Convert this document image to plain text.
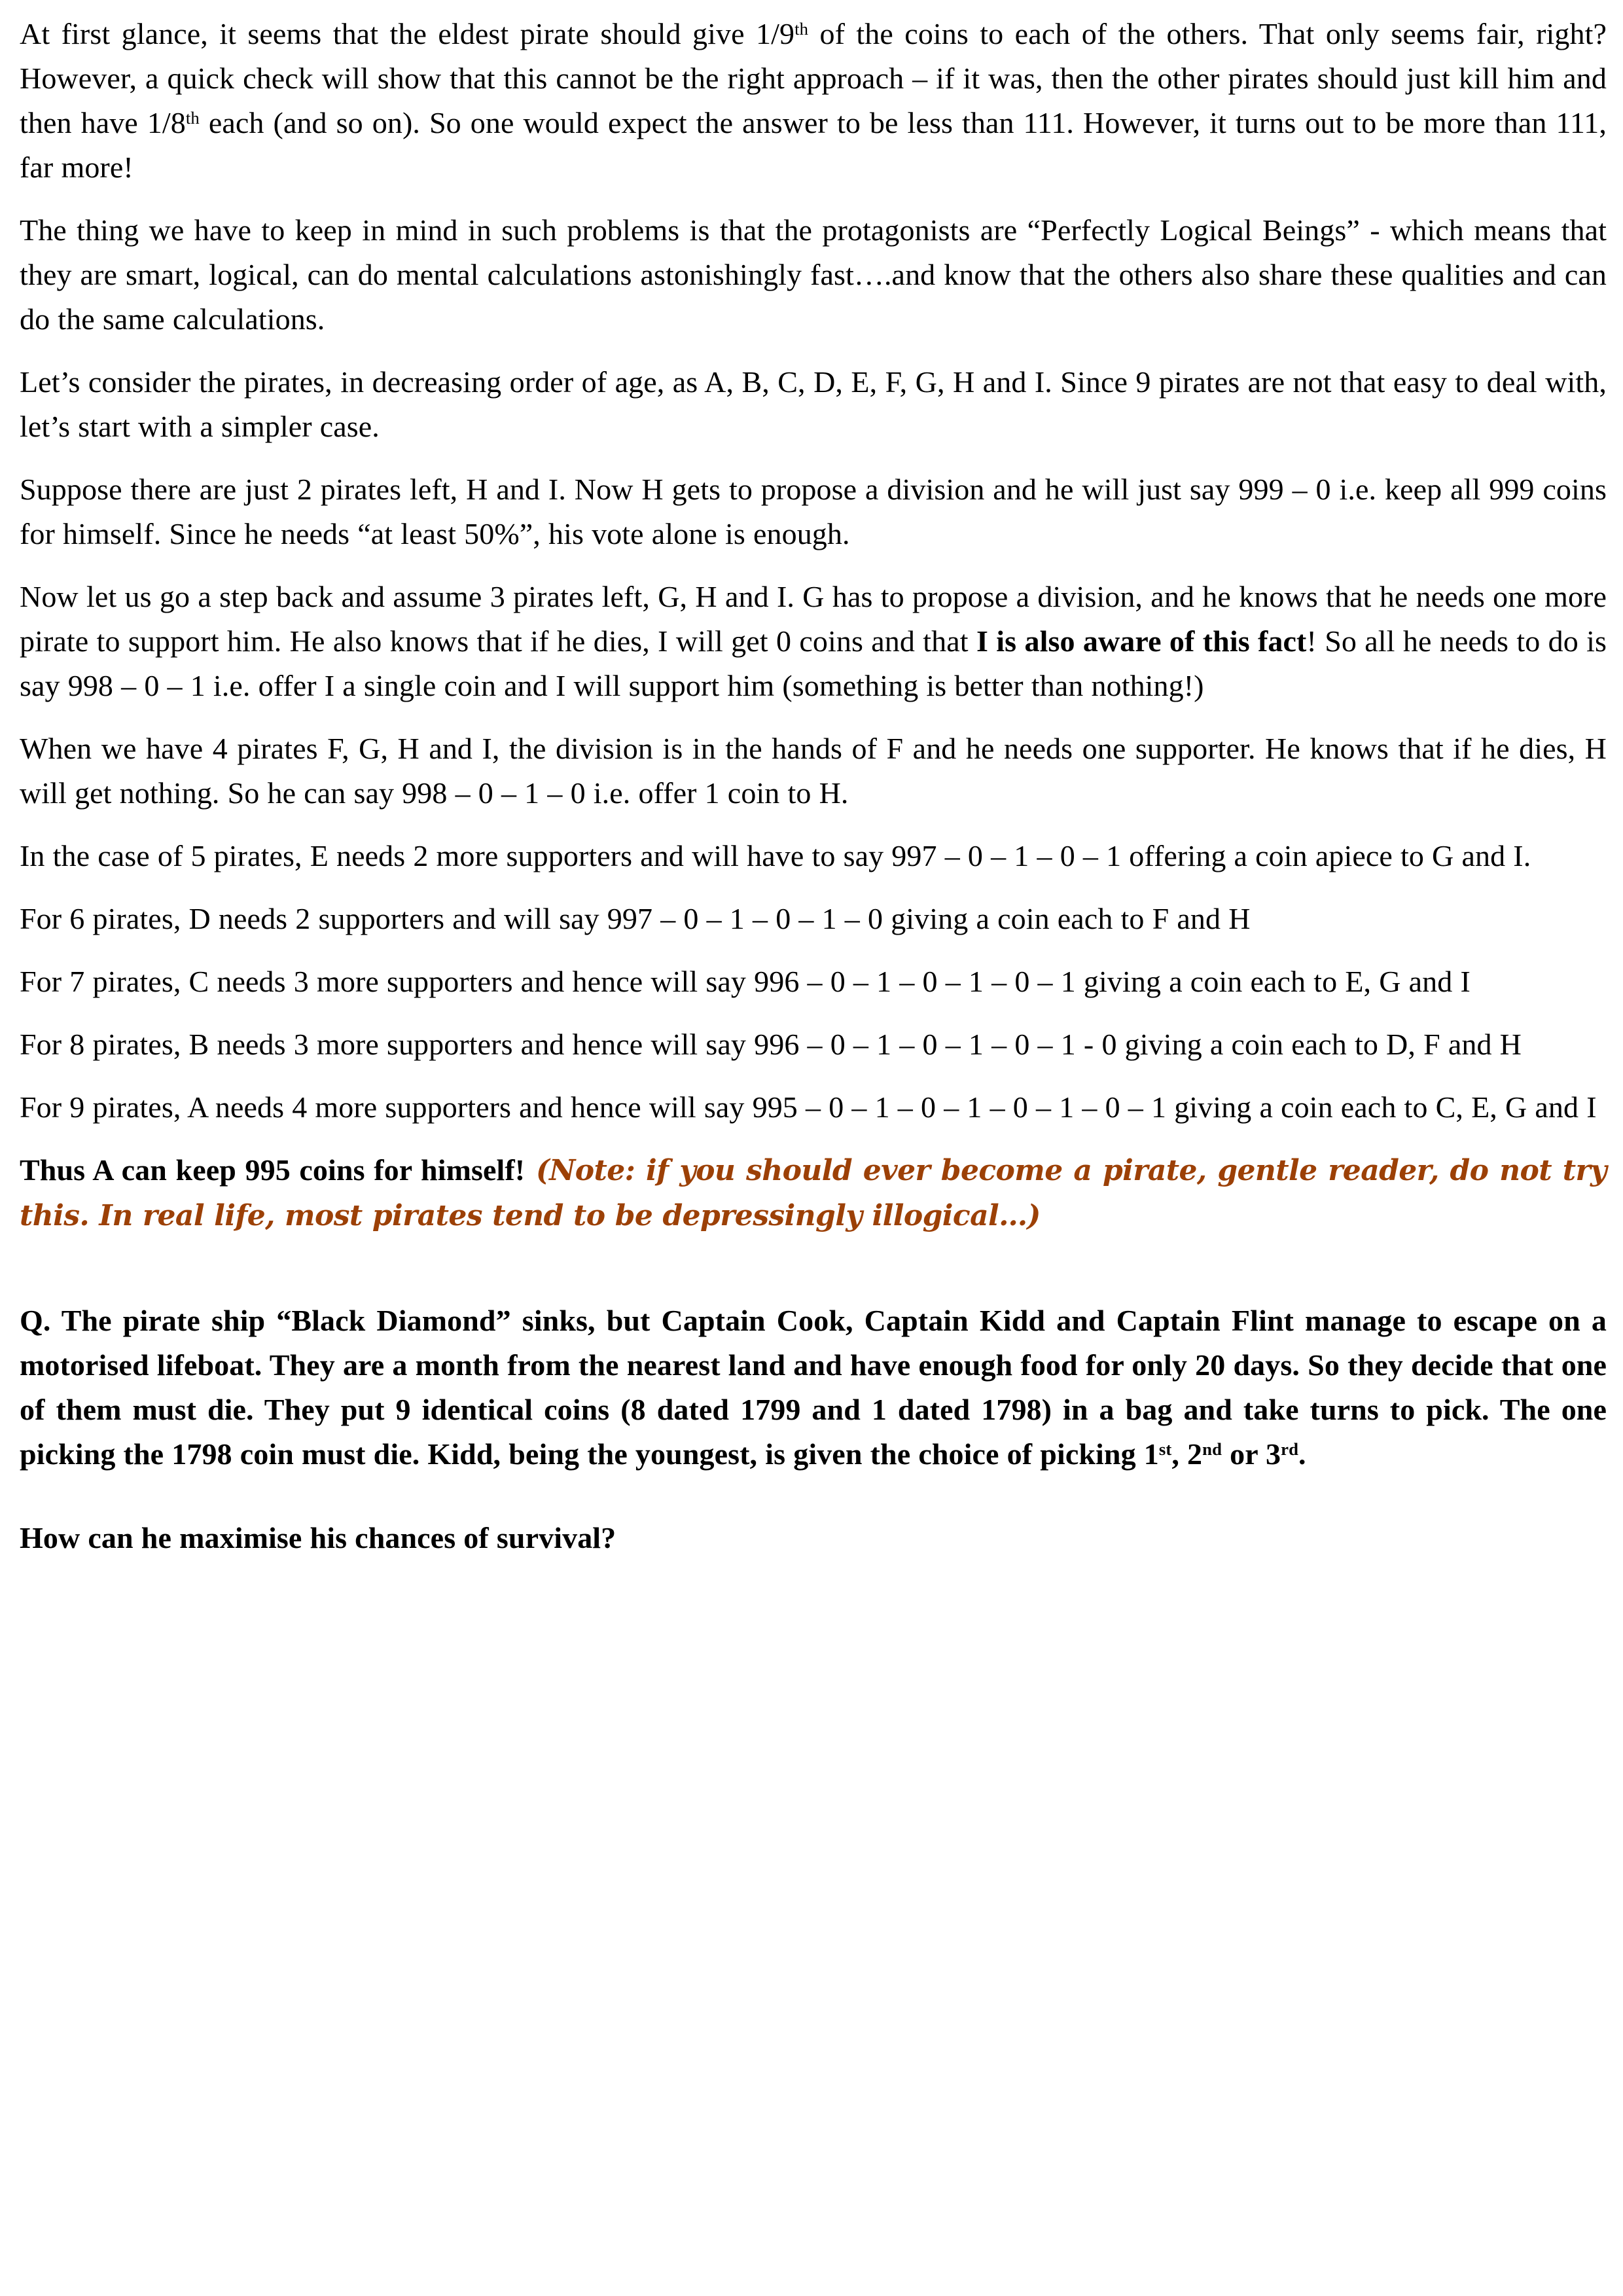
At first glance, it seems that the eldest pirate should give 1/9th of the coins to each of the others. That only seems fair, right? However, a quick check will show that this cannot be the right approach – if it was, then the other pirates should just kill him and then have 1/8th each (and so on). So one would expect the answer to be less than 111. However, it turns out to be more than 111, far more!

The thing we have to keep in mind in such problems is that the protagonists are “Perfectly Logical Beings” - which means that they are smart, logical, can do mental calculations astonishingly fast….and know that the others also share these qualities and can do the same calculations.

Let’s consider the pirates, in decreasing order of age, as A, B, C, D, E, F, G, H and I. Since 9 pirates are not that easy to deal with, let’s start with a simpler case.

Suppose there are just 2 pirates left, H and I. Now H gets to propose a division and he will just say 999 – 0 i.e. keep all 999 coins for himself. Since he needs “at least 50%”, his vote alone is enough.

Now let us go a step back and assume 3 pirates left, G, H and I. G has to propose a division, and he knows that he needs one more pirate to support him. He also knows that if he dies, I will get 0 coins and that I is also aware of this fact! So all he needs to do is say 998 – 0 – 1 i.e. offer I a single coin and I will support him (something is better than nothing!)

When we have 4 pirates F, G, H and I, the division is in the hands of F and he needs one supporter. He knows that if he dies, H will get nothing. So he can say 998 – 0 – 1 – 0 i.e. offer 1 coin to H.

In the case of 5 pirates, E needs 2 more supporters and will have to say 997 – 0 – 1 – 0 – 1 offering a coin apiece to G and I.

For 6 pirates, D needs 2 supporters and will say 997 – 0 – 1 – 0 – 1 – 0 giving a coin each to F and H

For 7 pirates, C needs 3 more supporters and hence will say 996 – 0 – 1 – 0 – 1 – 0 – 1 giving a coin each to E, G and I

For 8 pirates, B needs 3 more supporters and hence will say 996 – 0 – 1 – 0 – 1 – 0 – 1 - 0 giving a coin each to D, F and H

For 9 pirates, A needs 4 more supporters and hence will say 995 – 0 – 1 – 0 – 1 – 0 – 1 – 0 – 1 giving a coin each to C, E, G and I

Thus A can keep 995 coins for himself! (Note: if you should ever become a pirate, gentle reader, do not try this. In real life, most pirates tend to be depressingly illogical…)

Q. The pirate ship “Black Diamond” sinks, but Captain Cook, Captain Kidd and Captain Flint manage to escape on a motorised lifeboat. They are a month from the nearest land and have enough food for only 20 days. So they decide that one of them must die. They put 9 identical coins (8 dated 1799 and 1 dated 1798) in a bag and take turns to pick. The one picking the 1798 coin must die. Kidd, being the youngest, is given the choice of picking 1st, 2nd or 3rd.

How can he maximise his chances of survival?
